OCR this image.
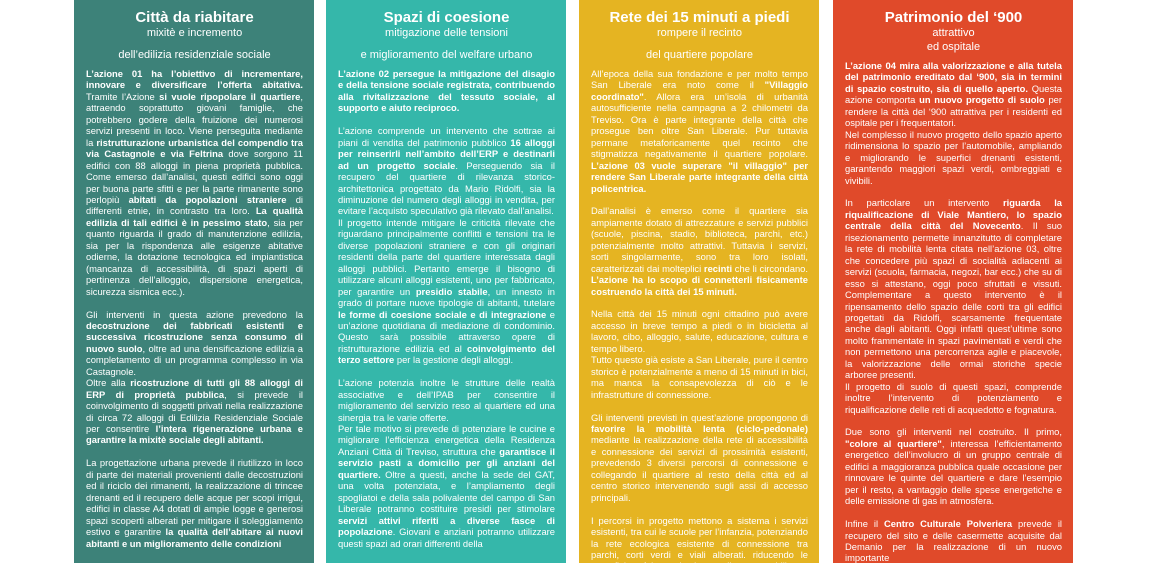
Città da riabitare
mixitè e incremento
dell’edilizia residenziale sociale

L’azione 01 ha l’obiettivo di incrementare, innovare e diversificare l’offerta abitativa. Tramite l’Azione si vuole ripopolare il quartiere, attraendo soprattutto giovani famiglie, che potrebbero godere della fruizione dei numerosi servizi presenti in loco. Viene perseguita mediante la ristrutturazione urbanistica del compendio tra via Castagnole e via Feltrina dove sorgono 11 edifici con 88 alloggi in piena proprietà pubblica. Come emerso dall’analisi, questi edifici sono oggi per buona parte sfitti e per la parte rimanente sono perlopiù abitati da popolazioni straniere di differenti etnie, in contrasto tra loro. La qualità edilizia di tali edifici è in pessimo stato, sia per quanto riguarda il grado di manutenzione edilizia, sia per la rispondenza alle esigenze abitative odierne, la dotazione tecnologica ed impiantistica (mancanza di accessibilità, di spazi aperti di pertinenza dell’alloggio, dispersione energetica, sicurezza sismica ecc.).

Gli interventi in questa azione prevedono la decostruzione dei fabbricati esistenti e successiva ricostruzione senza consumo di nuovo suolo, oltre ad una densificazione edilizia a completamento di un programma complesso in via Castagnole.

Oltre alla ricostruzione di tutti gli 88 alloggi di ERP di proprietà pubblica, si prevede il coinvolgimento di soggetti privati nella realizzazione di circa 72 alloggi di Edilizia Residenziale Sociale per consentire l’intera rigenerazione urbana e garantire la mixitè sociale degli abitanti.

La progettazione urbana prevede il riutilizzo in loco di parte dei materiali provenienti dalle decostruzioni ed il riciclo dei rimanenti, la realizzazione di trincee drenanti ed il recupero delle acque per scopi irrigui, edifici in classe A4 dotati di ampie logge e generosi spazi scoperti alberati per mitigare il soleggiamento estivo e garantire la qualità dell’abitare ai nuovi abitanti e un miglioramento delle condizioni

Spazi di coesione
mitigazione delle tensioni
e miglioramento del welfare urbano

L’azione 02 persegue la mitigazione del disagio e della tensione sociale registrata, contribuendo alla rivitalizzazione del tessuto sociale, al supporto e aiuto reciproco.

L’azione comprende un intervento che sottrae ai piani di vendita del patrimonio pubblico 16 alloggi per reinserirli nell’ambito dell’ERP e destinarli ad un progetto sociale. Perseguendo sia il recupero del quartiere di rilevanza storico-architettonica progettato da Mario Ridolfi, sia la diminuzione del numero degli alloggi in vendita, per evitare l’acquisto speculativo già rilevato dall’analisi.

Il progetto intende mitigare le criticità rilevate che riguardano principalmente conflitti e tensioni tra le diverse popolazioni straniere e con gli originari residenti della parte del quartiere interessata dagli alloggi pubblici. Pertanto emerge il bisogno di utilizzare alcuni alloggi esistenti, uno per fabbricato, per garantire un presidio stabile, un innesto in grado di portare nuove tipologie di abitanti, tutelare le forme di coesione sociale e di integrazione e un’azione quotidiana di mediazione di condominio. Questo sarà possibile attraverso opere di ristrutturazione edilizia ed al coinvolgimento del terzo settore per la gestione degli alloggi.

L’azione potenzia inoltre le strutture delle realtà associative e dell’IPAB per consentire il miglioramento del servizio reso al quartiere ed una sinergia tra le varie offerte.

Per tale motivo si prevede di potenziare le cucine e migliorare l’efficienza energetica della Residenza Anziani Città di Treviso, struttura che garantisce il servizio pasti a domicilio per gli anziani del quartiere. Oltre a questi, anche la sede del GAT, una volta potenziata, e l’ampliamento degli spogliatoi e della sala polivalente del campo di San Liberale potranno costituire presidi per stimolare servizi attivi riferiti a diverse fasce di popolazione. Giovani e anziani potranno utilizzare questi spazi ad orari differenti della

Rete dei 15 minuti a piedi
rompere il recinto
del quartiere popolare

All’epoca della sua fondazione e per molto tempo San Liberale era noto come il "Villaggio coordinato". Allora era un’isola di urbanità autosufficiente nella campagna a 2 chilometri da Treviso. Ora è parte integrante della città che prosegue ben oltre San Liberale. Pur tuttavia permane metaforicamente quel recinto che stigmatizza negativamente il quartiere popolare. L’azione 03 vuole superare "il villaggio" per rendere San Liberale parte integrante della città policentrica.

Dall’analisi è emerso come il quartiere sia ampiamente dotato di attrezzature e servizi pubblici (scuole, piscina, stadio, biblioteca, parchi, etc.) potenzialmente molto attrattivi. Tuttavia i servizi, sorti singolarmente, sono tra loro isolati, caratterizzati dai molteplici recinti che li circondano. L’azione ha lo scopo di connetterli fisicamente costruendo la città dei 15 minuti.

Nella città dei 15 minuti ogni cittadino può avere accesso in breve tempo a piedi o in bicicletta al lavoro, cibo, alloggio, salute, educazione, cultura e tempo libero.

Tutto questo già esiste a San Liberale, pure il centro storico è potenzialmente a meno di 15 minuti in bici, ma manca la consapevolezza di ciò e le infrastrutture di connessione.

Gli interventi previsti in quest’azione propongono di favorire la mobilità lenta (ciclo-pedonale) mediante la realizzazione della rete di accessibilità e connessione dei servizi di prossimità esistenti, prevedendo 3 diversi percorsi di connessione e collegando il quartiere al resto della città ed al centro storico intervenendo sugli assi di accesso principali.

I percorsi in progetto mettono a sistema i servizi esistenti, tra cui le scuole per l’infanzia, potenziando la rete ecologica esistente di connessione tra parchi, corti verdi e viali alberati. riducendo le superfici asfaltate destinate alle automobili per favorire

Patrimonio del ‘900
attrattivo
ed ospitale

L’azione 04 mira alla valorizzazione e alla tutela del patrimonio ereditato dal ‘900, sia in termini di spazio costruito, sia di quello aperto. Questa azione comporta un nuovo progetto di suolo per rendere la città del ‘900 attrattiva per i residenti ed ospitale per i frequentatori.

Nel complesso il nuovo progetto dello spazio aperto ridimensiona lo spazio per l’automobile, ampliando e migliorando le superfici drenanti esistenti, garantendo maggiori spazi verdi, ombreggiati e vivibili.

In particolare un intervento riguarda la riqualificazione di Viale Mantiero, lo spazio centrale della città del Novecento. Il suo risezionamento permette innanzitutto di completare la rete di mobilità lenta citata nell’azione 03, oltre che concedere più spazi di socialità adiacenti ai servizi (scuola, farmacia, negozi, bar ecc.) che su di esso si attestano, oggi poco sfruttati e vissuti. Complementare a questo intervento è il ripensamento dello spazio delle corti tra gli edifici progettati da Ridolfi, scarsamente frequentate anche dagli abitanti. Oggi infatti quest’ultime sono molto frammentate in spazi pavimentati e verdi che non permettono una percorrenza agile e piacevole, la valorizzazione delle ormai storiche specie arboree presenti.

Il progetto di suolo di questi spazi, comprende inoltre l’intervento di potenziamento e riqualificazione delle reti di acquedotto e fognatura.

Due sono gli interventi nel costruito. Il primo, "colore al quartiere", interessa l’efficientamento energetico dell’involucro di un gruppo centrale di edifici a maggioranza pubblica quale occasione per rinnovare le quinte del quartiere e dare l’esempio per il resto, a vantaggio delle spese energetiche e delle emissione di gas in atmosfera.

Infine il Centro Culturale Polveriera prevede il recupero del sito e delle casermette acquisite dal Demanio per la realizzazione di un nuovo importante
